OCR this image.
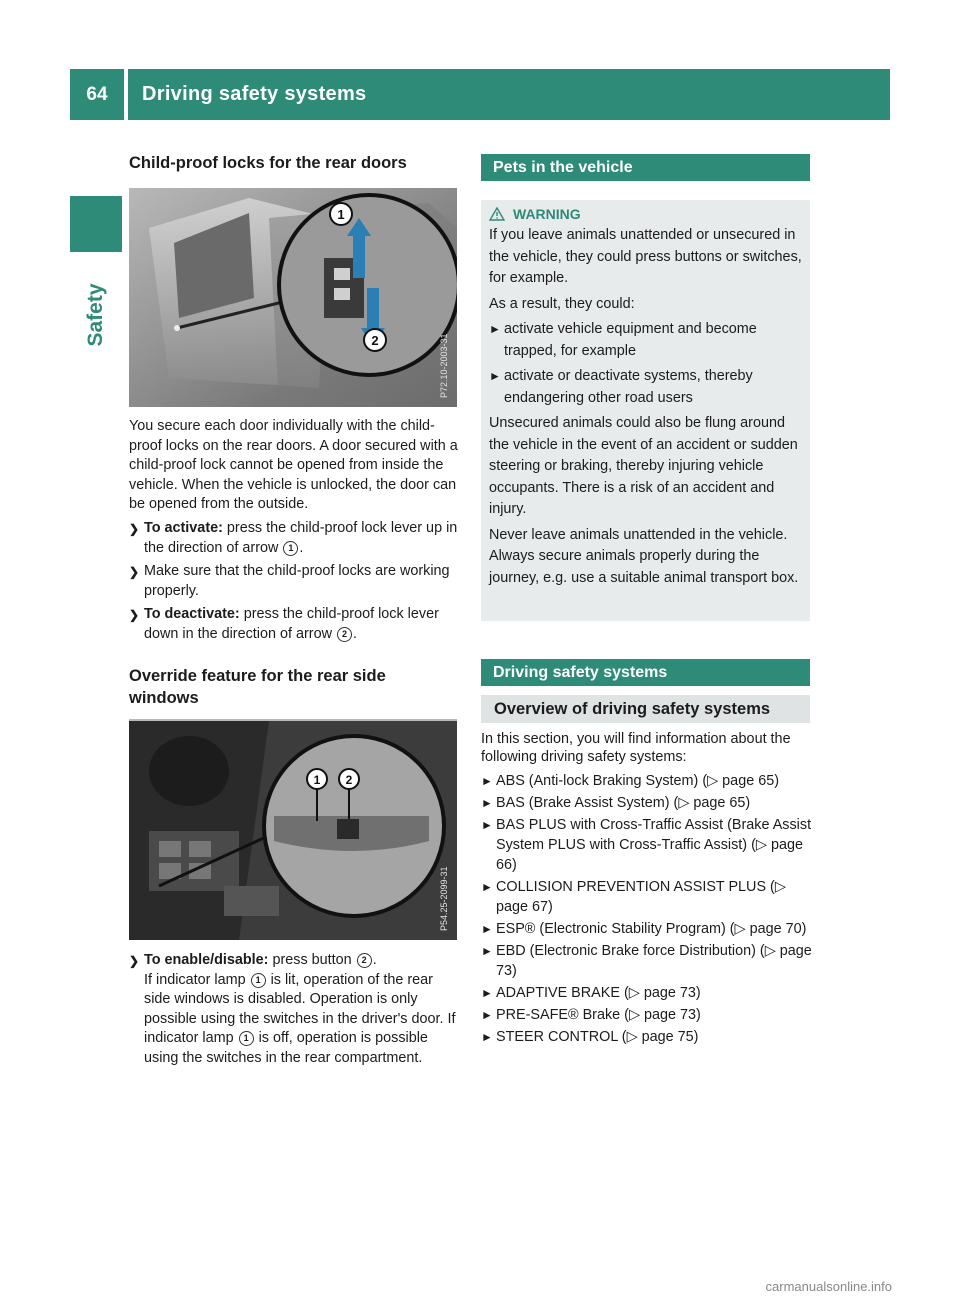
64	Driving safety systems
Safety
Child-proof locks for the rear doors
1
2	P72.10-2003-31

You secure each door individually with the child-proof locks on the rear doors. A door secured with a child-proof lock cannot be opened from inside the vehicle. When the vehicle is unlocked, the door can be opened from the outside.

❯ To activate: press the child-proof lock lever up in the direction of arrow 1 .
❯ Make sure that the child-proof locks are working properly.
❯ To deactivate: press the child-proof lock lever down in the direction of arrow 2 .
Override feature for the rear side windows
1 2
P54.25-2099-31
❯ To enable/disable: press button 2 .
If indicator lamp 1 is lit, operation of the rear side windows is disabled. Operation is only possible using the switches in the driver's door. If indicator lamp 1 is off, operation is possible using the switches in the rear compartment.
Pets in the vehicle
WARNING

If you leave animals unattended or unsecured in the vehicle, they could press buttons or switches, for example.

As a result, they could:

► activate vehicle equipment and become trapped, for example
► activate or deactivate systems, thereby endangering other road users

Unsecured animals could also be flung around the vehicle in the event of an accident or sudden steering or braking, thereby injuring vehicle occupants. There is a risk of an accident and injury.

Never leave animals unattended in the vehicle. Always secure animals properly during the journey, e.g. use a suitable animal transport box.

Driving safety systems
Overview of driving safety systems

In this section, you will find information about the following driving safety systems:

► ABS (Anti-lock Braking System) (▷ page 65)
► BAS (Brake Assist System) (▷ page 65)
► BAS PLUS with Cross-Traffic Assist (Brake Assist System PLUS with Cross-Traffic Assist) (▷ page 66)
► COLLISION PREVENTION ASSIST PLUS (▷ page 67)
► ESP® (Electronic Stability Program) (▷ page 70)
► EBD (Electronic Brake force Distribution) (▷ page 73)
► ADAPTIVE BRAKE (▷ page 73)
► PRE-SAFE® Brake (▷ page 73)
► STEER CONTROL (▷ page 75)
carmanualsonline.info
